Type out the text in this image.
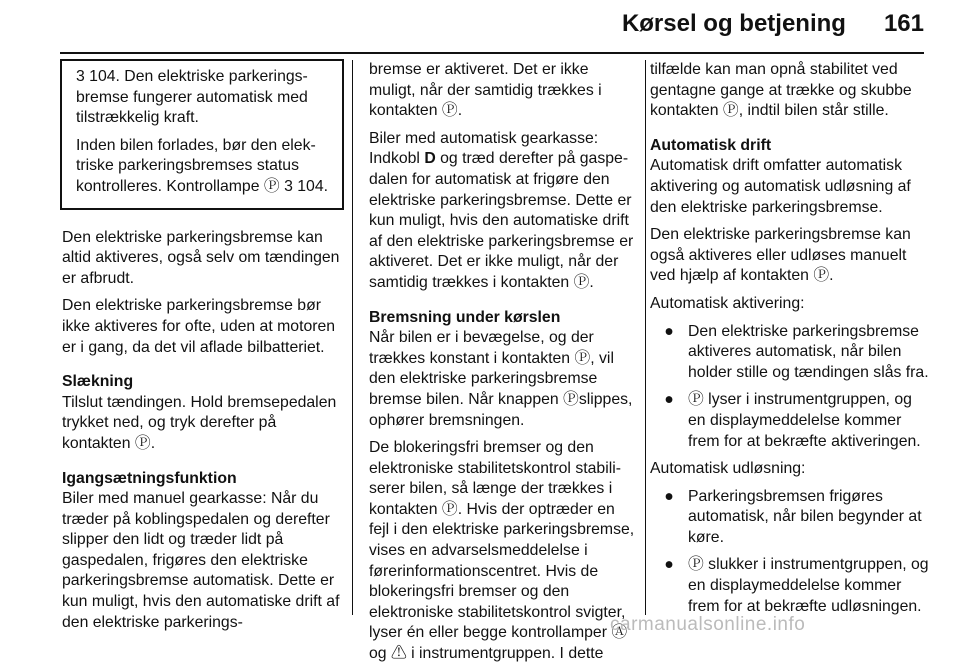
Kørsel og betjening 161

3 104. Den elektriske parkeringsbremse fungerer automatisk med tilstrækkelig kraft.

Inden bilen forlades, bør den elektriske parkeringsbremses status kontrolleres. Kontrollampe Ⓟ 3 104.

Den elektriske parkeringsbremse kan altid aktiveres, også selv om tændingen er afbrudt.

Den elektriske parkeringsbremse bør ikke aktiveres for ofte, uden at motoren er i gang, da det vil aflade bilbatteriet.

Slækning

Tilslut tændingen. Hold bremsepedalen trykket ned, og tryk derefter på kontakten Ⓟ.

Igangsætningsfunktion

Biler med manuel gearkasse: Når du træder på koblingspedalen og derefter slipper den lidt og træder lidt på gaspedalen, frigøres den elektriske parkeringsbremse automatisk. Dette er kun muligt, hvis den automatiske drift af den elektriske parkerings-

bremse er aktiveret. Det er ikke muligt, når der samtidig trækkes i kontakten Ⓟ.

Biler med automatisk gearkasse: Indkobl D og træd derefter på gaspedalen for automatisk at frigøre den elektriske parkeringsbremse. Dette er kun muligt, hvis den automatiske drift af den elektriske parkeringsbremse er aktiveret. Det er ikke muligt, når der samtidig trækkes i kontakten Ⓟ.

Bremsning under kørslen

Når bilen er i bevægelse, og der trækkes konstant i kontakten Ⓟ, vil den elektriske parkeringsbremse bremse bilen. Når knappen Ⓟslippes, ophører bremsningen.

De blokeringsfri bremser og den elektroniske stabilitetskontrol stabiliserer bilen, så længe der trækkes i kontakten Ⓟ. Hvis der optræder en fejl i den elektriske parkeringsbremse, vises en advarselsmeddelelse i førerinformationscentret. Hvis de blokeringsfri bremser og den elektroniske stabilitetskontrol svigter, lyser én eller begge kontrollamper Ⓐ og ⚠ i instrumentgruppen. I dette

tilfælde kan man opnå stabilitet ved gentagne gange at trække og skubbe kontakten Ⓟ, indtil bilen står stille.

Automatisk drift

Automatisk drift omfatter automatisk aktivering og automatisk udløsning af den elektriske parkeringsbremse.

Den elektriske parkeringsbremse kan også aktiveres eller udløses manuelt ved hjælp af kontakten Ⓟ.

Automatisk aktivering:

● Den elektriske parkeringsbremse aktiveres automatisk, når bilen holder stille og tændingen slås fra.
● Ⓟ lyser i instrumentgruppen, og en displaymeddelelse kommer frem for at bekræfte aktiveringen.

Automatisk udløsning:

● Parkeringsbremsen frigøres automatisk, når bilen begynder at køre.
● Ⓟ slukker i instrumentgruppen, og en displaymeddelelse kommer frem for at bekræfte udløsningen.
carmanualsonline.info
